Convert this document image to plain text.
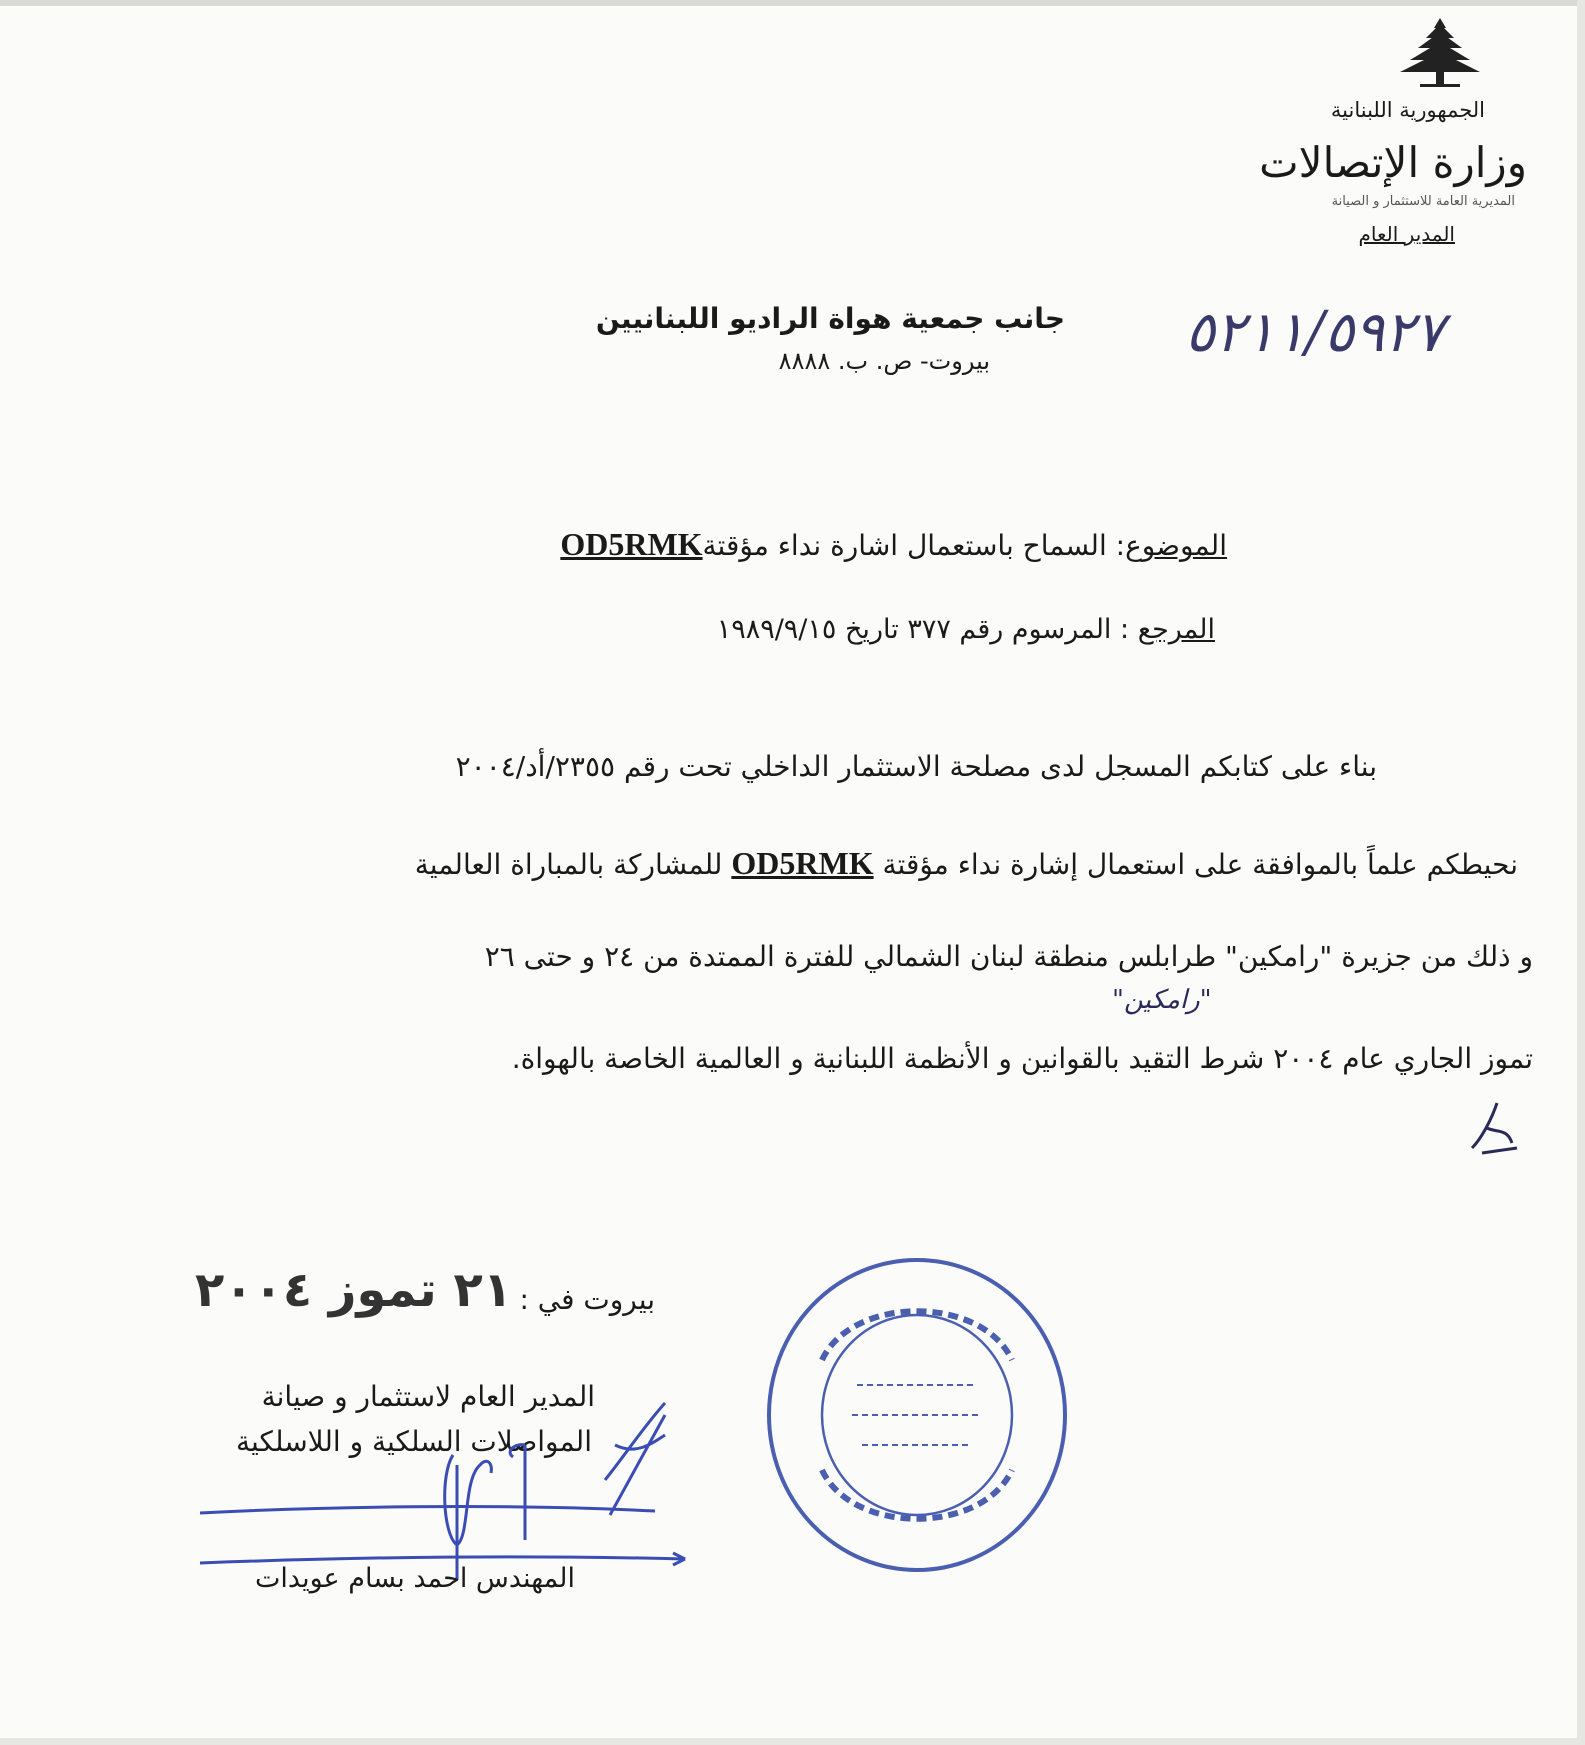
الجمهورية اللبنانية
وزارة الإتصالات
المديرية العامة للاستثمار و الصيانة
المدير العام
جانب جمعية هواة الراديو اللبنانيين
بيروت- ص. ب. ٨٨٨٨	٥٢١١/٥٩٢٧
الموضوع: السماح باستعمال اشارة نداء مؤقتةOD5RMK
المرجع : المرسوم رقم ٣٧٧ تاريخ ١٩٨٩/٩/١٥
بناء على كتابكم المسجل لدى مصلحة الاستثمار الداخلي تحت رقم ٢٣٥٥/أد/٢٠٠٤
نحيطكم علماً بالموافقة على استعمال إشارة نداء مؤقتة OD5RMK للمشاركة بالمباراة العالمية
و ذلك من جزيرة "رامكين" طرابلس منطقة لبنان الشمالي للفترة الممتدة من ٢٤ و حتى ٢٦
"رامكين"
تموز الجاري عام ٢٠٠٤ شرط التقيد بالقوانين و الأنظمة اللبنانية و العالمية الخاصة بالهواة.
بيروت في :
٢١ تموز ٢٠٠٤
المدير العام لاستثمار و صيانة
المواصلات السلكية و اللاسلكية
المهندس احمد بسام عويدات
